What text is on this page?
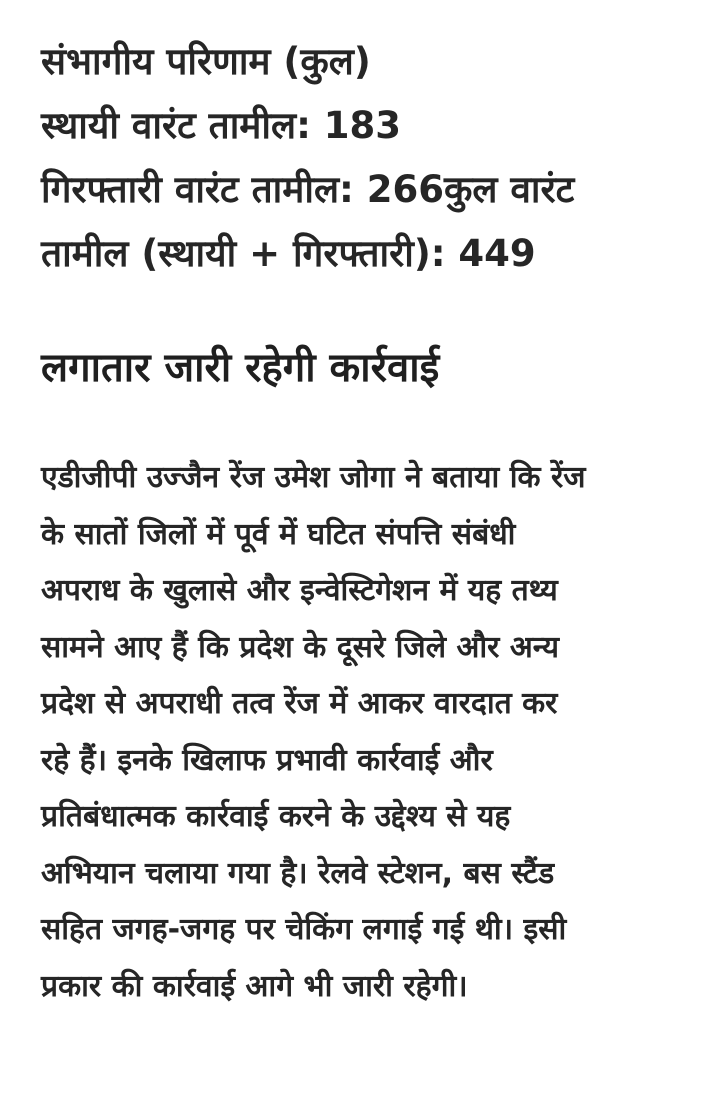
संभागीय परिणाम (कुल)
स्थायी वारंट तामील: 183
गिरफ्तारी वारंट तामील: 266कुल वारंट
तामील (स्थायी + गिरफ्तारी): 449
लगातार जारी रहेगी कार्रवाई
एडीजीपी उज्जैन रेंज उमेश जोगा ने बताया कि रेंज
के सातों जिलों में पूर्व में घटित संपत्ति संबंधी
अपराध के खुलासे और इन्वेस्टिगेशन में यह तथ्य
सामने आए हैं कि प्रदेश के दूसरे जिले और अन्य
प्रदेश से अपराधी तत्व रेंज में आकर वारदात कर
रहे हैं। इनके खिलाफ प्रभावी कार्रवाई और
प्रतिबंधात्मक कार्रवाई करने के उद्देश्य से यह
अभियान चलाया गया है। रेलवे स्टेशन, बस स्टैंड
सहित जगह-जगह पर चेकिंग लगाई गई थी। इसी
प्रकार की कार्रवाई आगे भी जारी रहेगी।
